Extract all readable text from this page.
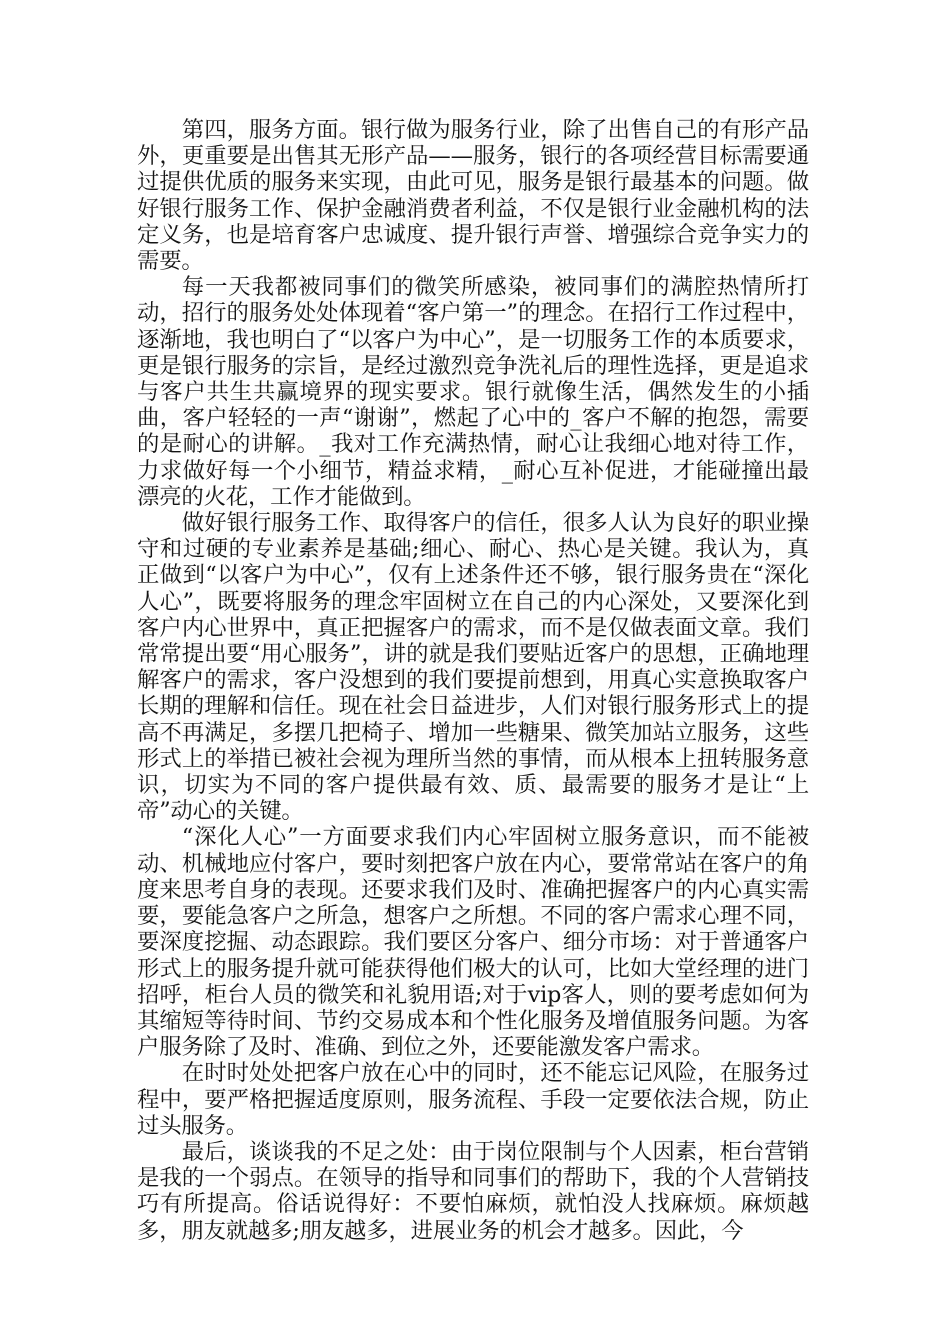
第四，服务方面。银行做为服务行业，除了出售自己的有形产品外，更重要是出售其无形产品——服务，银行的各项经营目标需要通过提供优质的服务来实现，由此可见，服务是银行最基本的问题。做好银行服务工作、保护金融消费者利益，不仅是银行业金融机构的法定义务，也是培育客户忠诚度、提升银行声誉、增强综合竞争实力的需要。

每一天我都被同事们的微笑所感染，被同事们的满腔热情所打动，招行的服务处处体现着“客户第一”的理念。在招行工作过程中，逐渐地，我也明白了“以客户为中心”，是一切服务工作的本质要求，更是银行服务的宗旨，是经过激烈竞争洗礼后的理性选择，更是追求与客户共生共赢境界的现实要求。银行就像生活，偶然发生的小插曲，客户轻轻的一声“谢谢”，燃起了心中的_客户不解的抱怨，需要的是耐心的讲解。_我对工作充满热情，耐心让我细心地对待工作，力求做好每一个小细节，精益求精，_耐心互补促进，才能碰撞出最漂亮的火花，工作才能做到。

做好银行服务工作、取得客户的信任，很多人认为良好的职业操守和过硬的专业素养是基础;细心、耐心、热心是关键。我认为，真正做到“以客户为中心”，仅有上述条件还不够，银行服务贵在“深化人心”，既要将服务的理念牢固树立在自己的内心深处，又要深化到客户内心世界中，真正把握客户的需求，而不是仅做表面文章。我们常常提出要“用心服务”，讲的就是我们要贴近客户的思想，正确地理解客户的需求，客户没想到的我们要提前想到，用真心实意换取客户长期的理解和信任。现在社会日益进步，人们对银行服务形式上的提高不再满足，多摆几把椅子、增加一些糖果、微笑加站立服务，这些形式上的举措已被社会视为理所当然的事情，而从根本上扭转服务意识，切实为不同的客户提供最有效、质、最需要的服务才是让“上帝”动心的关键。

“深化人心”一方面要求我们内心牢固树立服务意识，而不能被动、机械地应付客户，要时刻把客户放在内心，要常常站在客户的角度来思考自身的表现。还要求我们及时、准确把握客户的内心真实需要，要能急客户之所急，想客户之所想。不同的客户需求心理不同，要深度挖掘、动态跟踪。我们要区分客户、细分市场：对于普通客户形式上的服务提升就可能获得他们极大的认可，比如大堂经理的进门招呼，柜台人员的微笑和礼貌用语;对于vip客人，则的要考虑如何为其缩短等待时间、节约交易成本和个性化服务及增值服务问题。为客户服务除了及时、准确、到位之外，还要能激发客户需求。

在时时处处把客户放在心中的同时，还不能忘记风险，在服务过程中，要严格把握适度原则，服务流程、手段一定要依法合规，防止过头服务。

最后，谈谈我的不足之处：由于岗位限制与个人因素，柜台营销是我的一个弱点。在领导的指导和同事们的帮助下，我的个人营销技巧有所提高。俗话说得好：不要怕麻烦，就怕没人找麻烦。麻烦越多，朋友就越多;朋友越多，进展业务的机会才越多。因此，今
